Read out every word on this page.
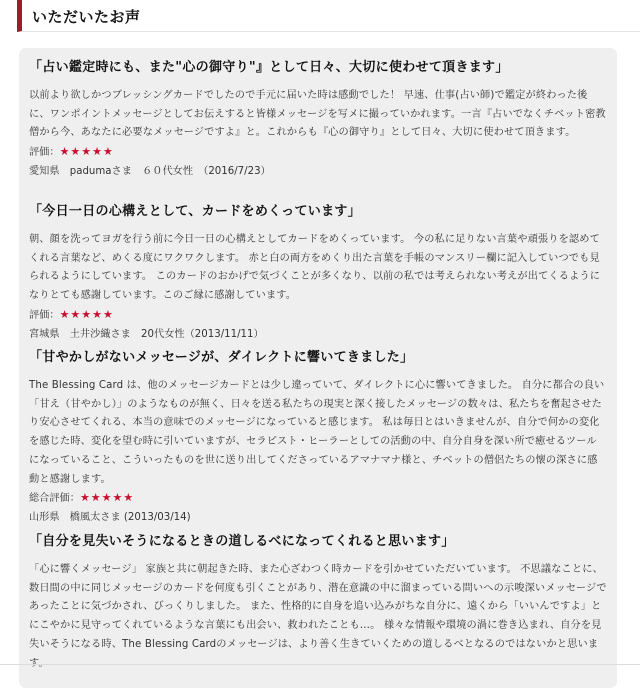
いただいたお声

「占い鑑定時にも、また"心の御守り"』として日々、大切に使わせて頂きます」

以前より欲しかつブレッシングカードでしたので手元に届いた時は感動でした！ 早速、仕事(占い師)で鑑定が終わった後に、ワンポイントメッセージとしてお伝えすると皆様メッセージを写メに撮っていかれます。一言『占いでなくチベット密教僧から今、あなたに必要なメッセージですよ』と。これからも『心の御守り』として日々、大切に使わせて頂きます。
評価：★★★★★
愛知県　padumaさま　６０代女性　（2016/7/23）

「今日一日の心構えとして、カードをめくっています」

朝、顔を洗ってヨガを行う前に今日一日の心構えとしてカードをめくっています。 今の私に足りない言葉や頑張りを認めてくれる言葉など、めくる度にワクワクします。 赤と白の両方をめくり出た言葉を手帳のマンスリー欄に記入していつでも見られるようにしています。 このカードのおかげで気づくことが多くなり、以前の私では考えられない考えが出てくるようになりとても感謝しています。このご縁に感謝しています。
評価：★★★★★
宮城県　土井沙織さま　20代女性（2013/11/11）

「甘やかしがないメッセージが、ダイレクトに響いてきました」

The Blessing Card は、他のメッセージカードとは少し違っていて、ダイレクトに心に響いてきました。 自分に都合の良い「甘え（甘やかし）」のようなものが無く、日々を送る私たちの現実と深く接したメッセージの数々は、私たちを奮起させたり安心させてくれる、本当の意味でのメッセージになっていると感じます。 私は毎日とはいきませんが、自分で何かの変化を感じた時、変化を望む時に引いていますが、セラピスト・ヒーラーとしての活動の中、自分自身を深い所で癒せるツールになっていること、こういったものを世に送り出してくださっているアマナマナ様と、チベットの僧侶たちの懐の深さに感動と感謝します。
総合評価：★★★★★
山形県　橋風太さま (2013/03/14)

「自分を見失いそうになるときの道しるべになってくれると思います」

「心に響くメッセージ」 家族と共に朝起きた時、また心ざわつく時カードを引かせていただいています。 不思議なことに、数日間の中に同じメッセージのカードを何度も引くことがあり、潜在意識の中に溜まっている問いへの示唆深いメッセージであったことに気づかされ、びっくりしました。 また、性格的に自身を追い込みがちな自分に、遠くから「いいんですよ」とにこやかに見守ってくれているような言葉にも出会い、救われたことも…。 様々な情報や環境の渦に巻き込まれ、自分を見失いそうになる時、The Blessing Cardのメッセージは、より善く生きていくための道しるべとなるのではないかと思いま
